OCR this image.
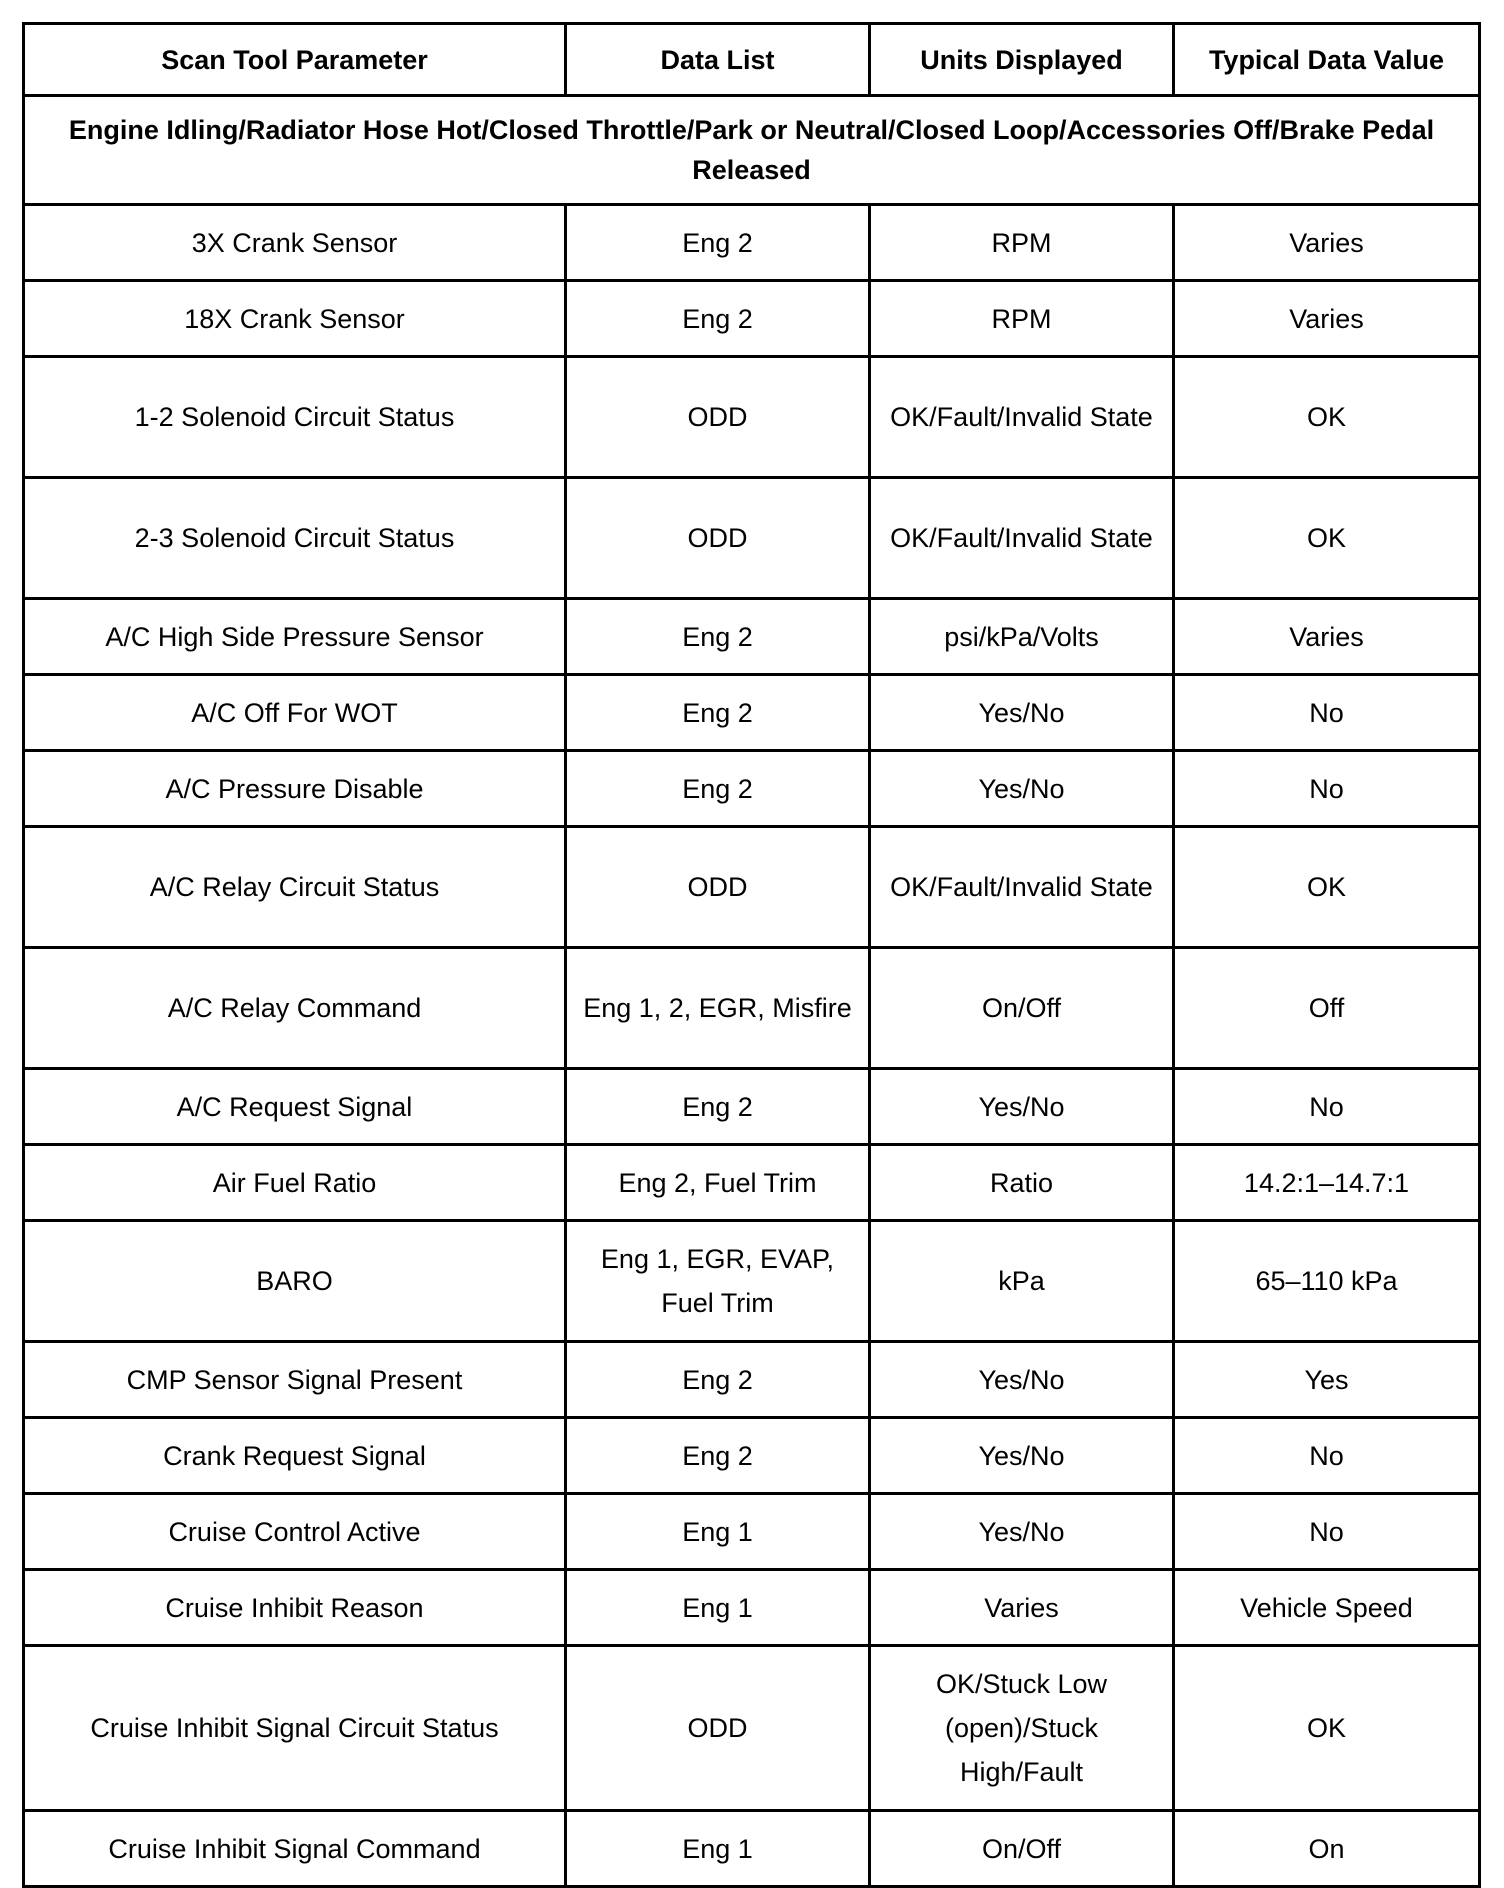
Scan Tool Parameter	Data List	Units Displayed	Typical Data Value
Engine Idling/Radiator Hose Hot/Closed Throttle/Park or Neutral/Closed Loop/Accessories Off/Brake Pedal Released			
3X Crank Sensor	Eng 2	RPM	Varies
18X Crank Sensor	Eng 2	RPM	Varies
1-2 Solenoid Circuit Status	ODD	OK/Fault/Invalid State	OK
2-3 Solenoid Circuit Status	ODD	OK/Fault/Invalid State	OK
A/C High Side Pressure Sensor	Eng 2	psi/kPa/Volts	Varies
A/C Off For WOT	Eng 2	Yes/No	No
A/C Pressure Disable	Eng 2	Yes/No	No
A/C Relay Circuit Status	ODD	OK/Fault/Invalid State	OK
A/C Relay Command	Eng 1, 2, EGR, Misfire	On/Off	Off
A/C Request Signal	Eng 2	Yes/No	No
Air Fuel Ratio	Eng 2, Fuel Trim	Ratio	14.2:1–14.7:1
BARO	Eng 1, EGR, EVAP, Fuel Trim	kPa	65–110 kPa
CMP Sensor Signal Present	Eng 2	Yes/No	Yes
Crank Request Signal	Eng 2	Yes/No	No
Cruise Control Active	Eng 1	Yes/No	No
Cruise Inhibit Reason	Eng 1	Varies	Vehicle Speed
Cruise Inhibit Signal Circuit Status	ODD	OK/Stuck Low (open)/Stuck High/Fault	OK
Cruise Inhibit Signal Command	Eng 1	On/Off	On
